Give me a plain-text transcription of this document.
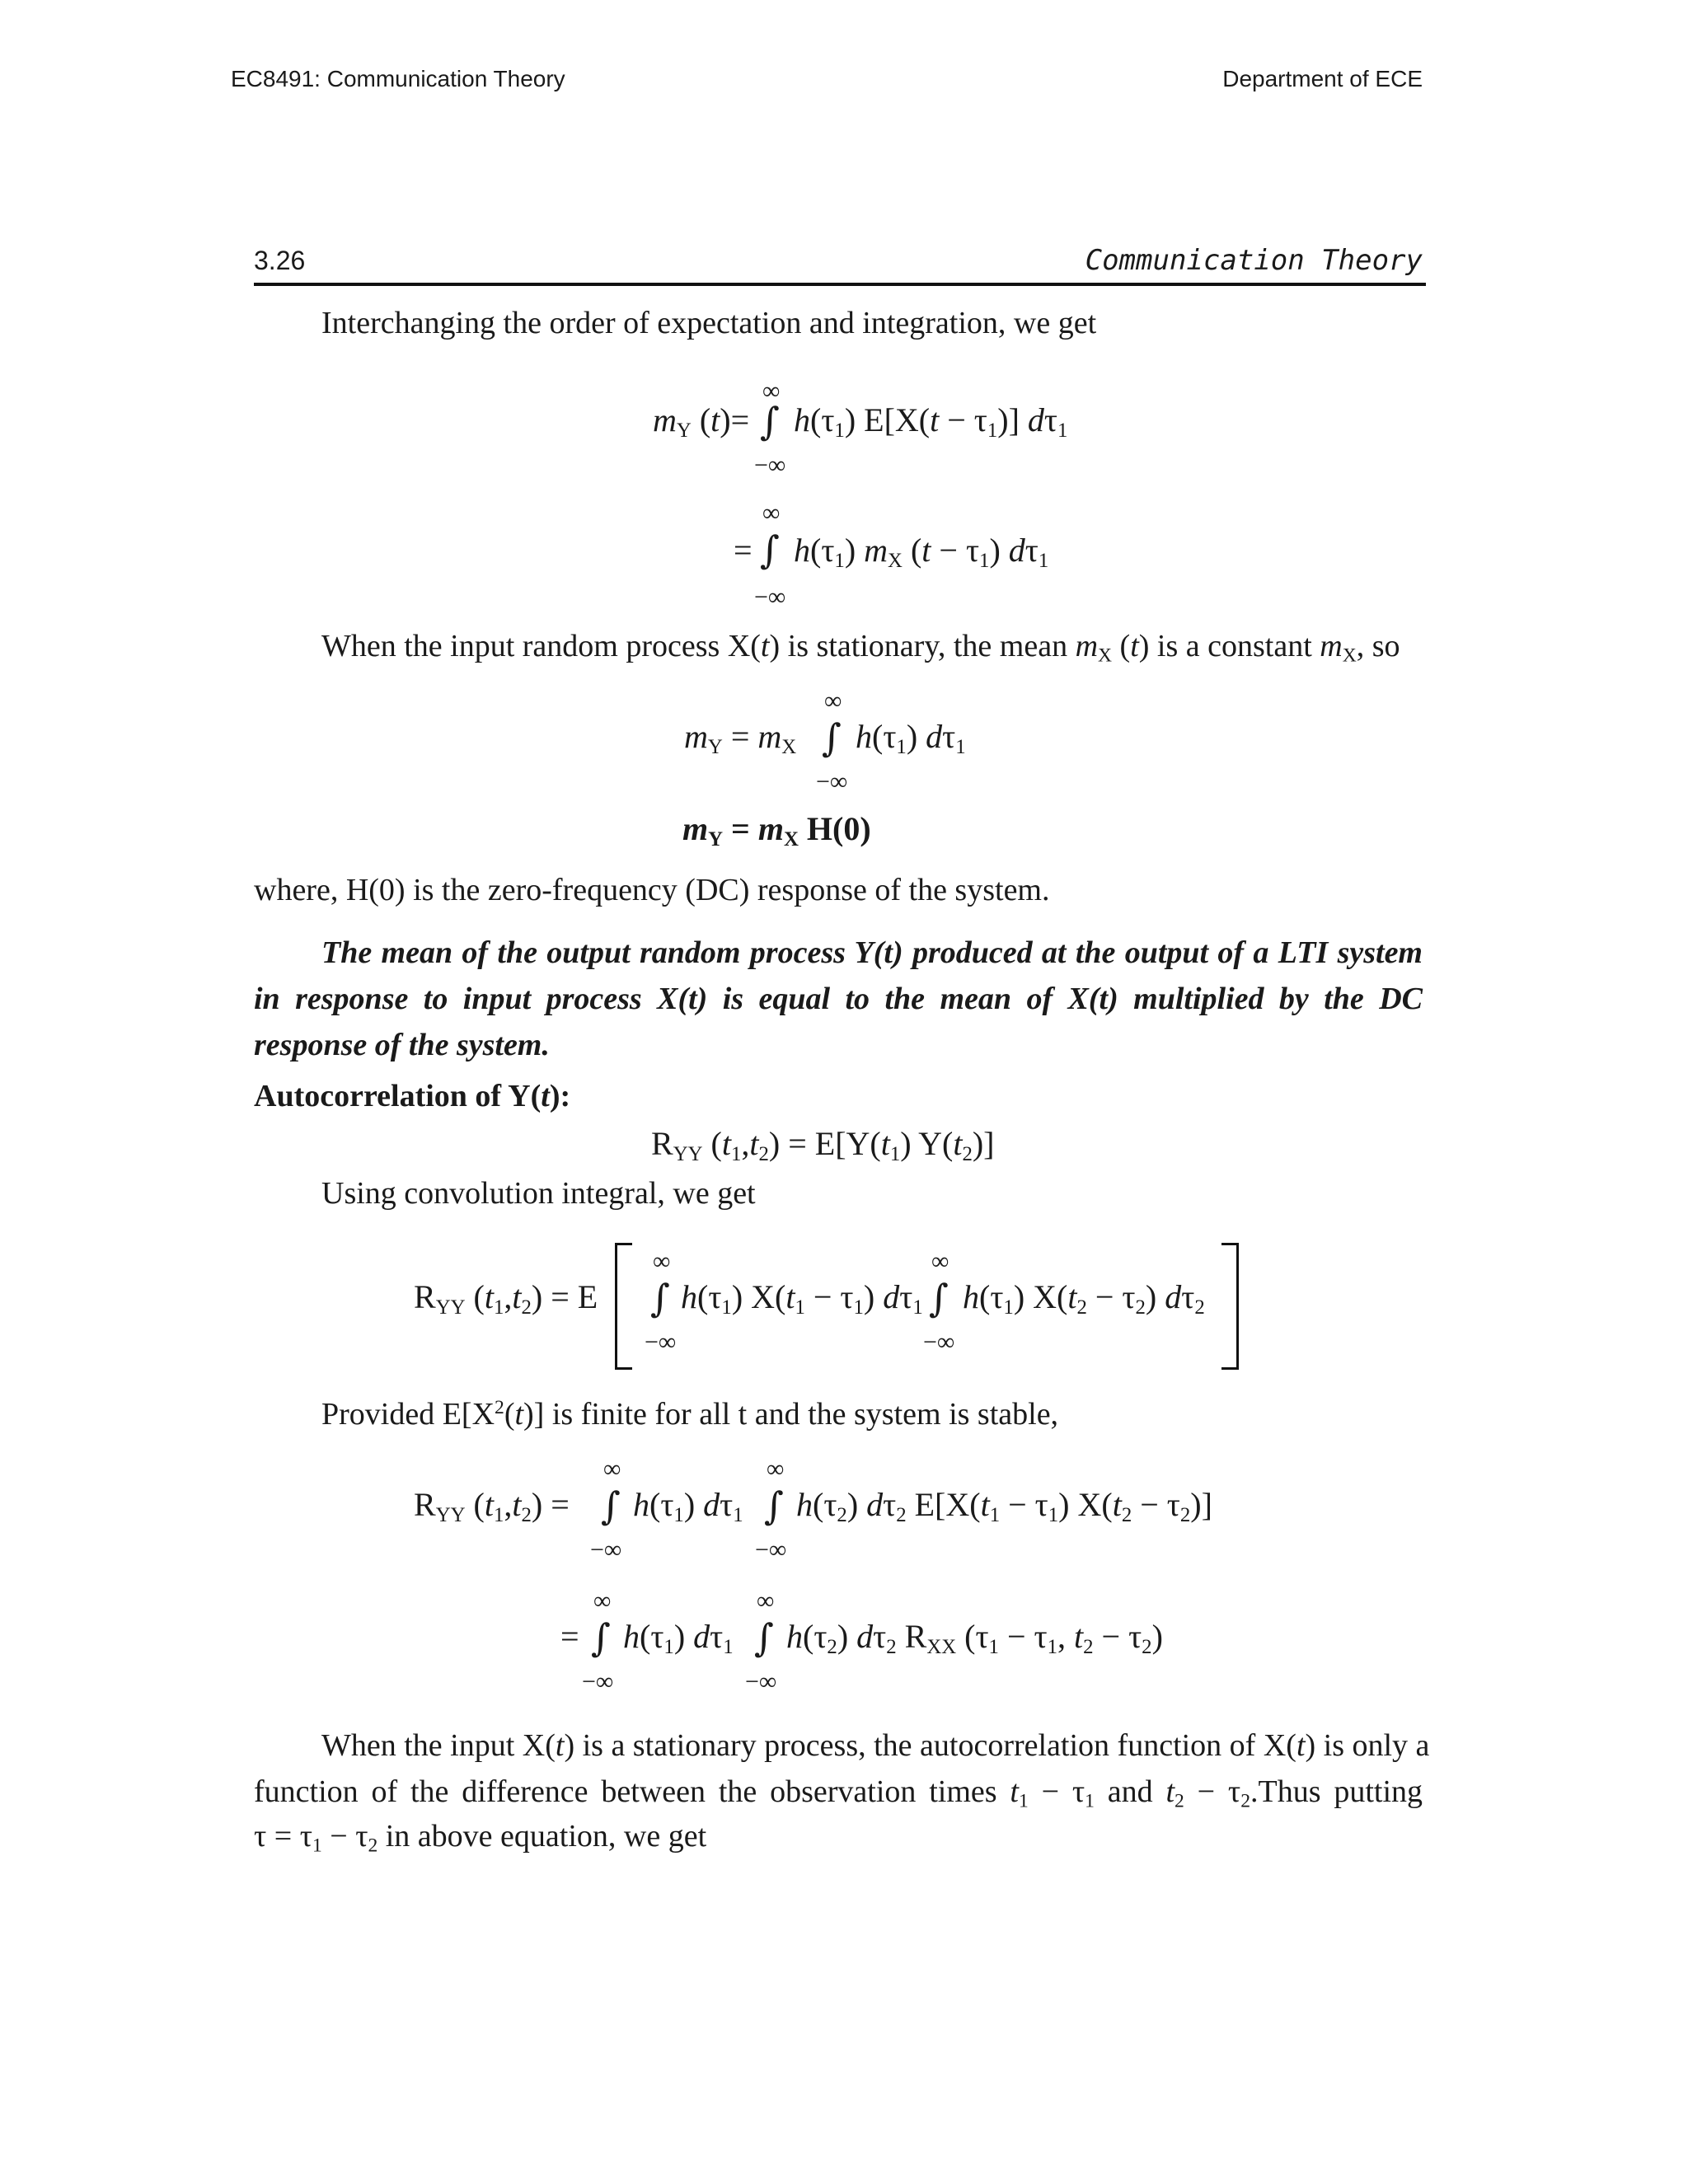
EC8491: Communication Theory	Department of ECE
3.26	Communication Theory
Interchanging the order of expectation and integration, we get
∞
$m_Y$ (t)= ∫ $h(\tau_1) E[X(t - \tau_1)]$ $d\tau_1$
−∞
∞
= ∫ $h(\tau_1)$ $m_X$ $(t - \tau_1)$ $d\tau_1$
−∞
When the input random process X(t) is stationary, the mean $m_X$ (t) is a constant $m_X$, so
∞
$m_Y = m_X$ ∫ $h(\tau_1)$ $d\tau_1$
−∞
$m_Y = m_X$ H(0)
where, H(0) is the zero-frequency (DC) response of the system.
The mean of the output random process Y(t) produced at the output of a LTI system
in response to input process X(t) is equal to the mean of X(t) multiplied by the DC
response of the system.
Autocorrelation of Y(t):
$R_{YY}$ $(t_1,t_2) = E[Y(t_1)$ $Y(t_2)$]
Using convolution integral, we get
$R_{YY}$ $(t_1,t_2) = E$
∞
∫ $h(\tau_1) X(t_1 - \tau_1)$ $d\tau_1$
−∞
∞
∫ $h(\tau_1) X(t_2 - \tau_2)$ $d\tau_2$
−∞
Provided $E[X^2(t)]$ is finite for all t and the system is stable,
$R_{YY}$ $(t_1,t_2)$ =
∞
∫ $h(\tau_1)$ $d\tau_1$
−∞
∞
∫ $h(\tau_2)$ $d\tau_2$ $E[X(t_1 - \tau_1) X(t_2 - \tau_2)]$
−∞
∞
= ∫ $h(\tau_1)$ $d\tau_1$
−∞
∞
∫ $h(\tau_2)$ $d\tau_2$ $R_{XX}$ ($\tau_1 - \tau_1$, $t_2 - \tau_2$)
−∞
When the input X(t) is a stationary process, the autocorrelation function of X(t) is only a
function of the difference between the observation times $t_1 - \tau_1$ and $t_2$ − $\tau_2.Thus$ putting
$\tau = \tau_1 - \tau_2$ in above equation, we get
